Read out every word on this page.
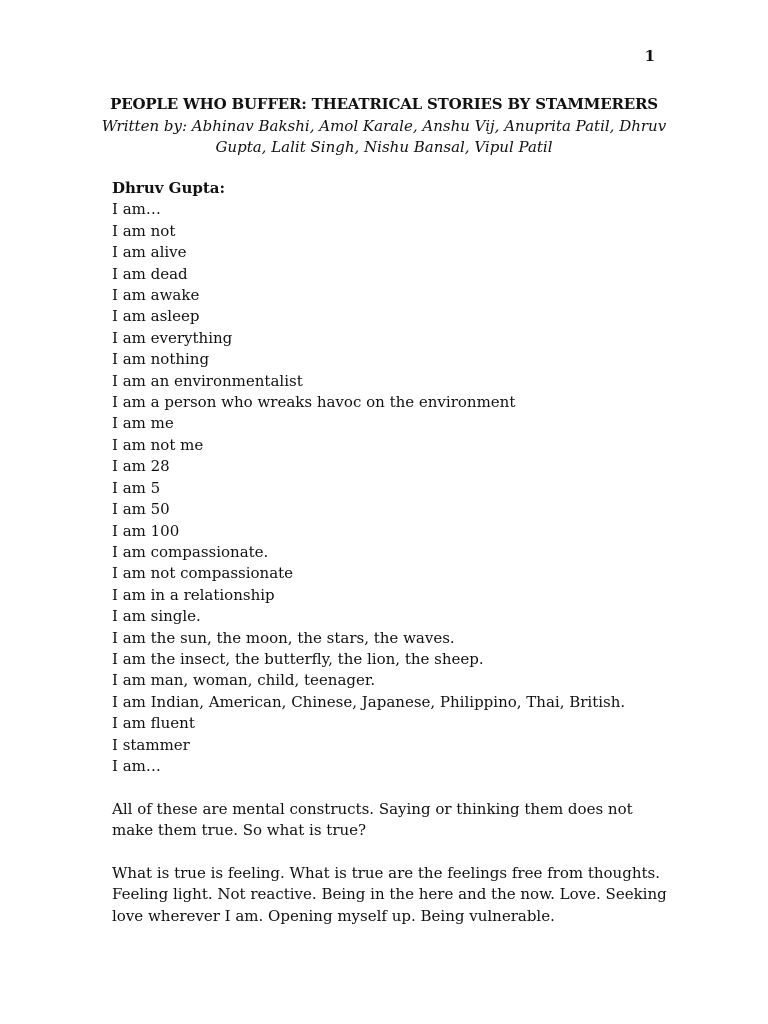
1
PEOPLE WHO BUFFER: THEATRICAL STORIES BY STAMMERERS
Written by: Abhinav Bakshi, Amol Karale, Anshu Vij, Anuprita Patil, Dhruv Gupta, Lalit Singh, Nishu Bansal, Vipul Patil
Dhruv Gupta:
I am…
I am not
I am alive
I am dead
I am awake
I am asleep
I am everything
I am nothing
I am an environmentalist
I am a person who wreaks havoc on the environment
I am me
I am not me
I am 28
I am 5
I am 50
I am 100
I am compassionate.
I am not compassionate
I am in a relationship
I am single.
I am the sun, the moon, the stars, the waves.
I am the insect, the butterfly, the lion, the sheep.
I am man, woman, child, teenager.
I am Indian, American, Chinese, Japanese, Philippino, Thai, British.
I am fluent
I stammer
I am…
All of these are mental constructs. Saying or thinking them does not make them true. So what is true?
What is true is feeling. What is true are the feelings free from thoughts. Feeling light. Not reactive. Being in the here and the now. Love. Seeking love wherever I am. Opening myself up. Being vulnerable.
